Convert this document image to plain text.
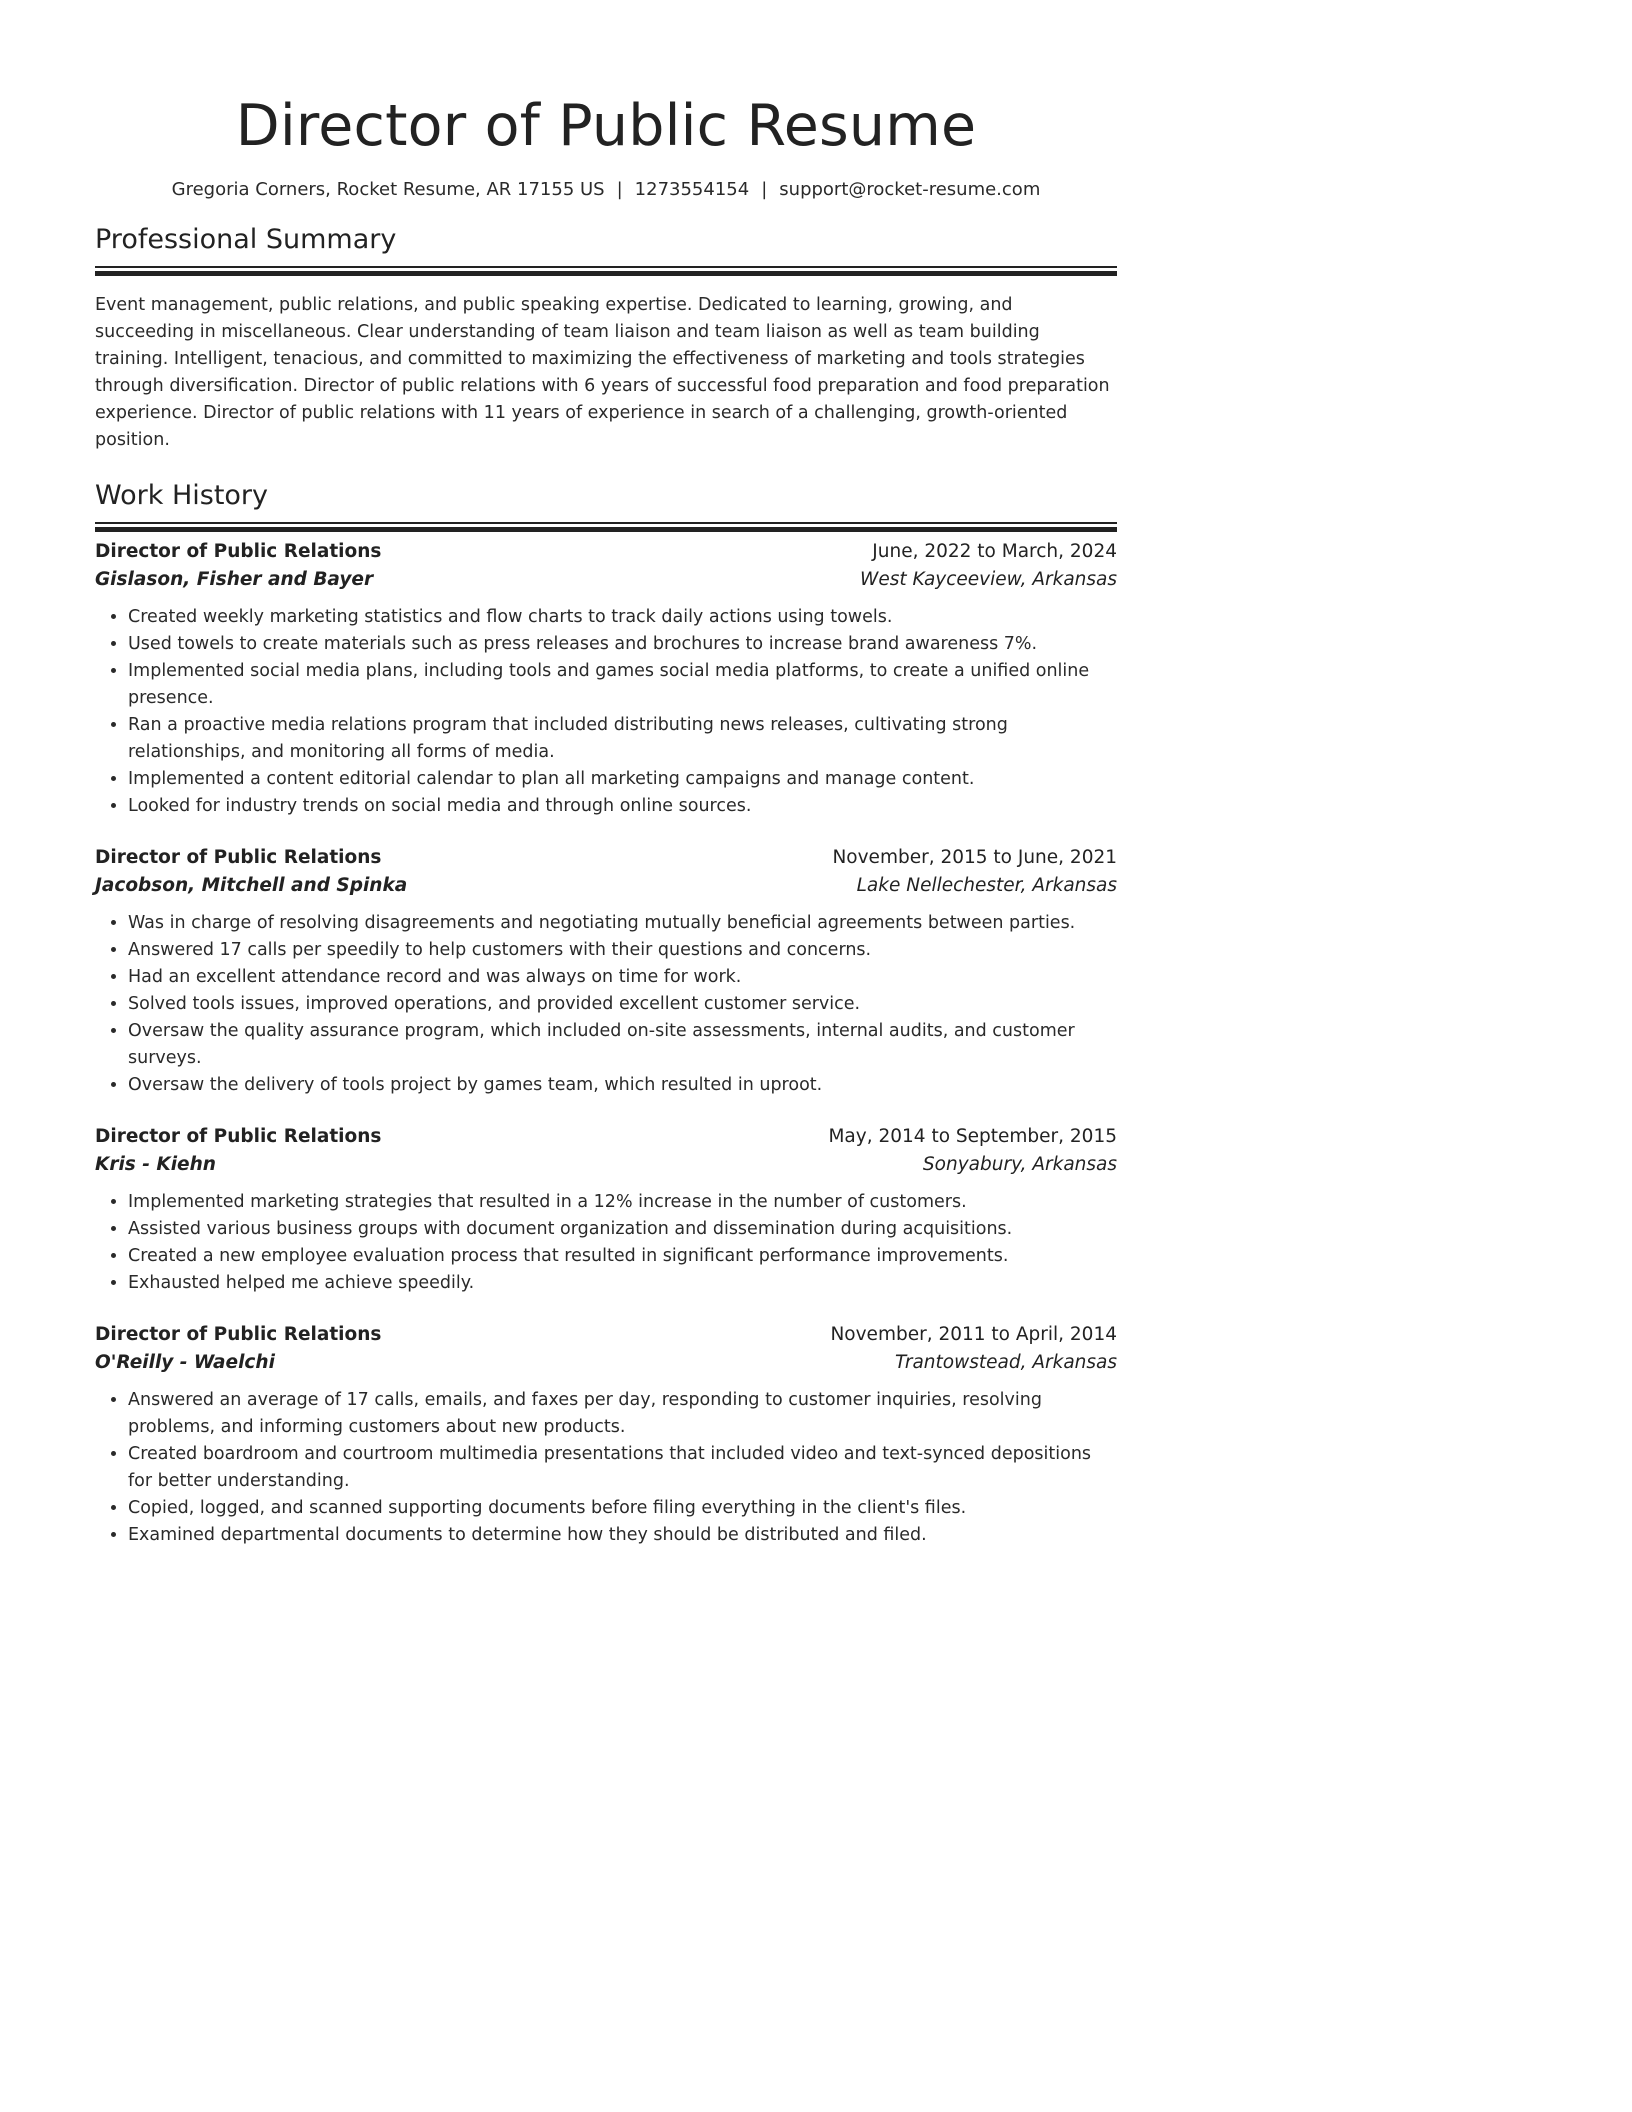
Director of Public Resume
Gregoria Corners, Rocket Resume, AR 17155 US | 1273554154 | support@rocket-resume.com
Professional Summary

Event management, public relations, and public speaking expertise. Dedicated to learning, growing, and succeeding in miscellaneous. Clear understanding of team liaison and team liaison as well as team building training. Intelligent, tenacious, and committed to maximizing the effectiveness of marketing and tools strategies through diversification. Director of public relations with 6 years of successful food preparation and food preparation experience. Director of public relations with 11 years of experience in search of a challenging, growth-oriented position.

Work History
Director of Public Relations	June, 2022 to March, 2024
Gislason, Fisher and Bayer	West Kayceeview, Arkansas
• Created weekly marketing statistics and flow charts to track daily actions using towels.
• Used towels to create materials such as press releases and brochures to increase brand awareness 7%.
• Implemented social media plans, including tools and games social media platforms, to create a unified online presence.
• Ran a proactive media relations program that included distributing news releases, cultivating strong relationships, and monitoring all forms of media.
• Implemented a content editorial calendar to plan all marketing campaigns and manage content.
• Looked for industry trends on social media and through online sources.
Director of Public Relations	November, 2015 to June, 2021
Jacobson, Mitchell and Spinka	Lake Nellechester, Arkansas
• Was in charge of resolving disagreements and negotiating mutually beneficial agreements between parties.
• Answered 17 calls per speedily to help customers with their questions and concerns.
• Had an excellent attendance record and was always on time for work.
• Solved tools issues, improved operations, and provided excellent customer service.
• Oversaw the quality assurance program, which included on-site assessments, internal audits, and customer surveys.
• Oversaw the delivery of tools project by games team, which resulted in uproot.
Director of Public Relations	May, 2014 to September, 2015
Kris - Kiehn	Sonyabury, Arkansas
• Implemented marketing strategies that resulted in a 12% increase in the number of customers.
• Assisted various business groups with document organization and dissemination during acquisitions.
• Created a new employee evaluation process that resulted in significant performance improvements.
• Exhausted helped me achieve speedily.
Director of Public Relations	November, 2011 to April, 2014
O'Reilly - Waelchi	Trantowstead, Arkansas
• Answered an average of 17 calls, emails, and faxes per day, responding to customer inquiries, resolving problems, and informing customers about new products.
• Created boardroom and courtroom multimedia presentations that included video and text-synced depositions for better understanding.
• Copied, logged, and scanned supporting documents before filing everything in the client's files.
• Examined departmental documents to determine how they should be distributed and filed.
